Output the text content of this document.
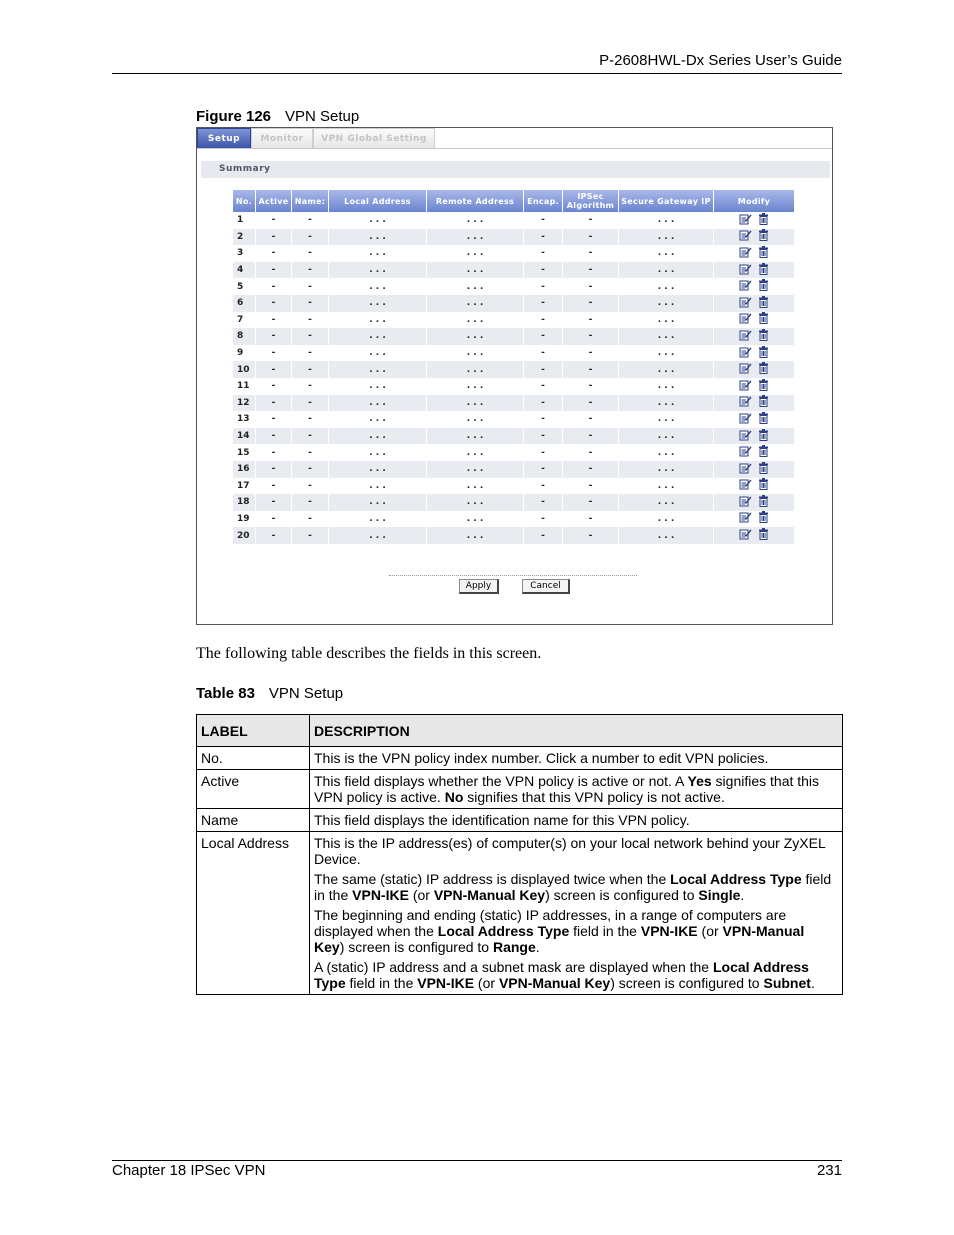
P-2608HWL-Dx Series User’s Guide
Figure 126 VPN Setup
Setup	Monitor	VPN Global Setting
Summary
No.	Active	Name:	Local Address	Remote Address	Encap.	IPSec Algorithm	Secure Gateway IP	Modify
1	-	-	. . .	. . .	-	-	. . .	
2	-	-	. . .	. . .	-	-	. . .	
3	-	-	. . .	. . .	-	-	. . .	
4	-	-	. . .	. . .	-	-	. . .	
5	-	-	. . .	. . .	-	-	. . .	
6	-	-	. . .	. . .	-	-	. . .	
7	-	-	. . .	. . .	-	-	. . .	
8	-	-	. . .	. . .	-	-	. . .	
9	-	-	. . .	. . .	-	-	. . .	
10	-	-	. . .	. . .	-	-	. . .	
11	-	-	. . .	. . .	-	-	. . .	
12	-	-	. . .	. . .	-	-	. . .	
13	-	-	. . .	. . .	-	-	. . .	
14	-	-	. . .	. . .	-	-	. . .	
15	-	-	. . .	. . .	-	-	. . .	
16	-	-	. . .	. . .	-	-	. . .	
17	-	-	. . .	. . .	-	-	. . .	
18	-	-	. . .	. . .	-	-	. . .	
19	-	-	. . .	. . .	-	-	. . .	
20	-	-	. . .	. . .	-	-	. . .	
Apply	Cancel
The following table describes the fields in this screen.
Table 83 VPN Setup
LABEL	DESCRIPTION
No.	This is the VPN policy index number. Click a number to edit VPN policies.

Active	This field displays whether the VPN policy is active or not. A Yes signifies that this VPN policy is active. No signifies that this VPN policy is not active.

Name	This field displays the identification name for this VPN policy.

Local Address	This is the IP address(es) of computer(s) on your local network behind your ZyXEL Device.

The same (static) IP address is displayed twice when the Local Address Type field in the VPN-IKE (or VPN-Manual Key) screen is configured to Single.

The beginning and ending (static) IP addresses, in a range of computers are displayed when the Local Address Type field in the VPN-IKE (or VPN-Manual Key) screen is configured to Range.

A (static) IP address and a subnet mask are displayed when the Local Address Type field in the VPN-IKE (or VPN-Manual Key) screen is configured to Subnet.

Chapter 18 IPSec VPN	231
